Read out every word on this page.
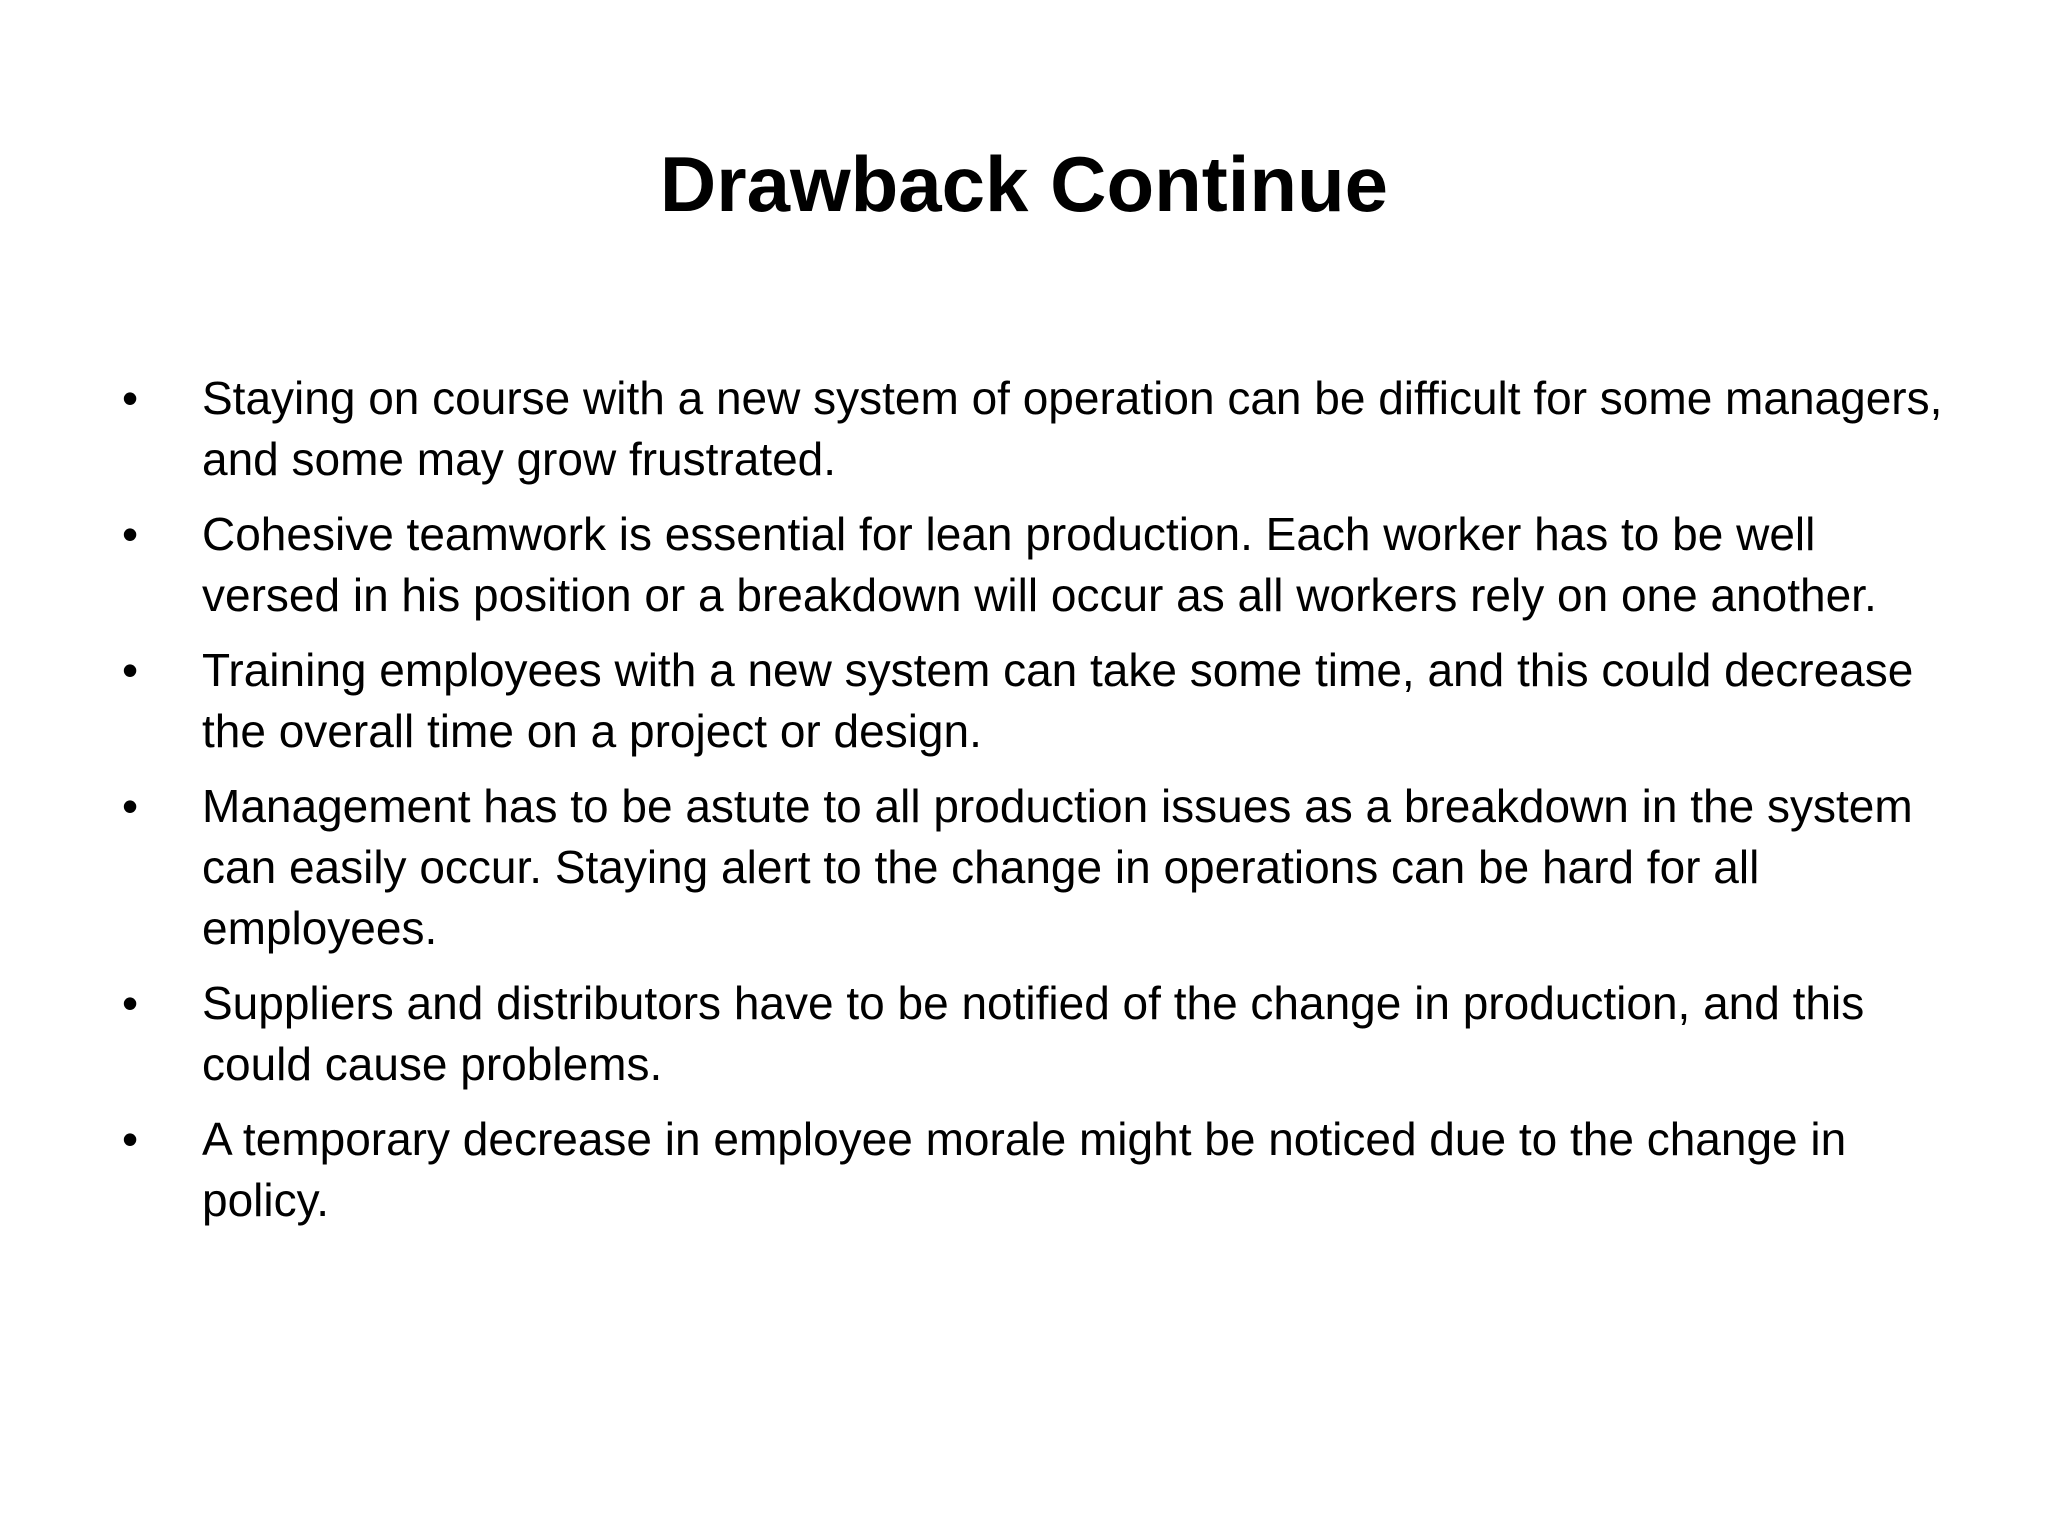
Drawback Continue
•	Staying on course with a new system of operation can be difficult for some managers, and some may grow frustrated.
•	Cohesive teamwork is essential for lean production. Each worker has to be well versed in his position or a breakdown will occur as all workers rely on one another.
•	Training employees with a new system can take some time, and this could decrease the overall time on a project or design.
•	Management has to be astute to all production issues as a breakdown in the system can easily occur. Staying alert to the change in operations can be hard for all employees.
•	Suppliers and distributors have to be notified of the change in production, and this could cause problems.
•	A temporary decrease in employee morale might be noticed due to the change in policy.
